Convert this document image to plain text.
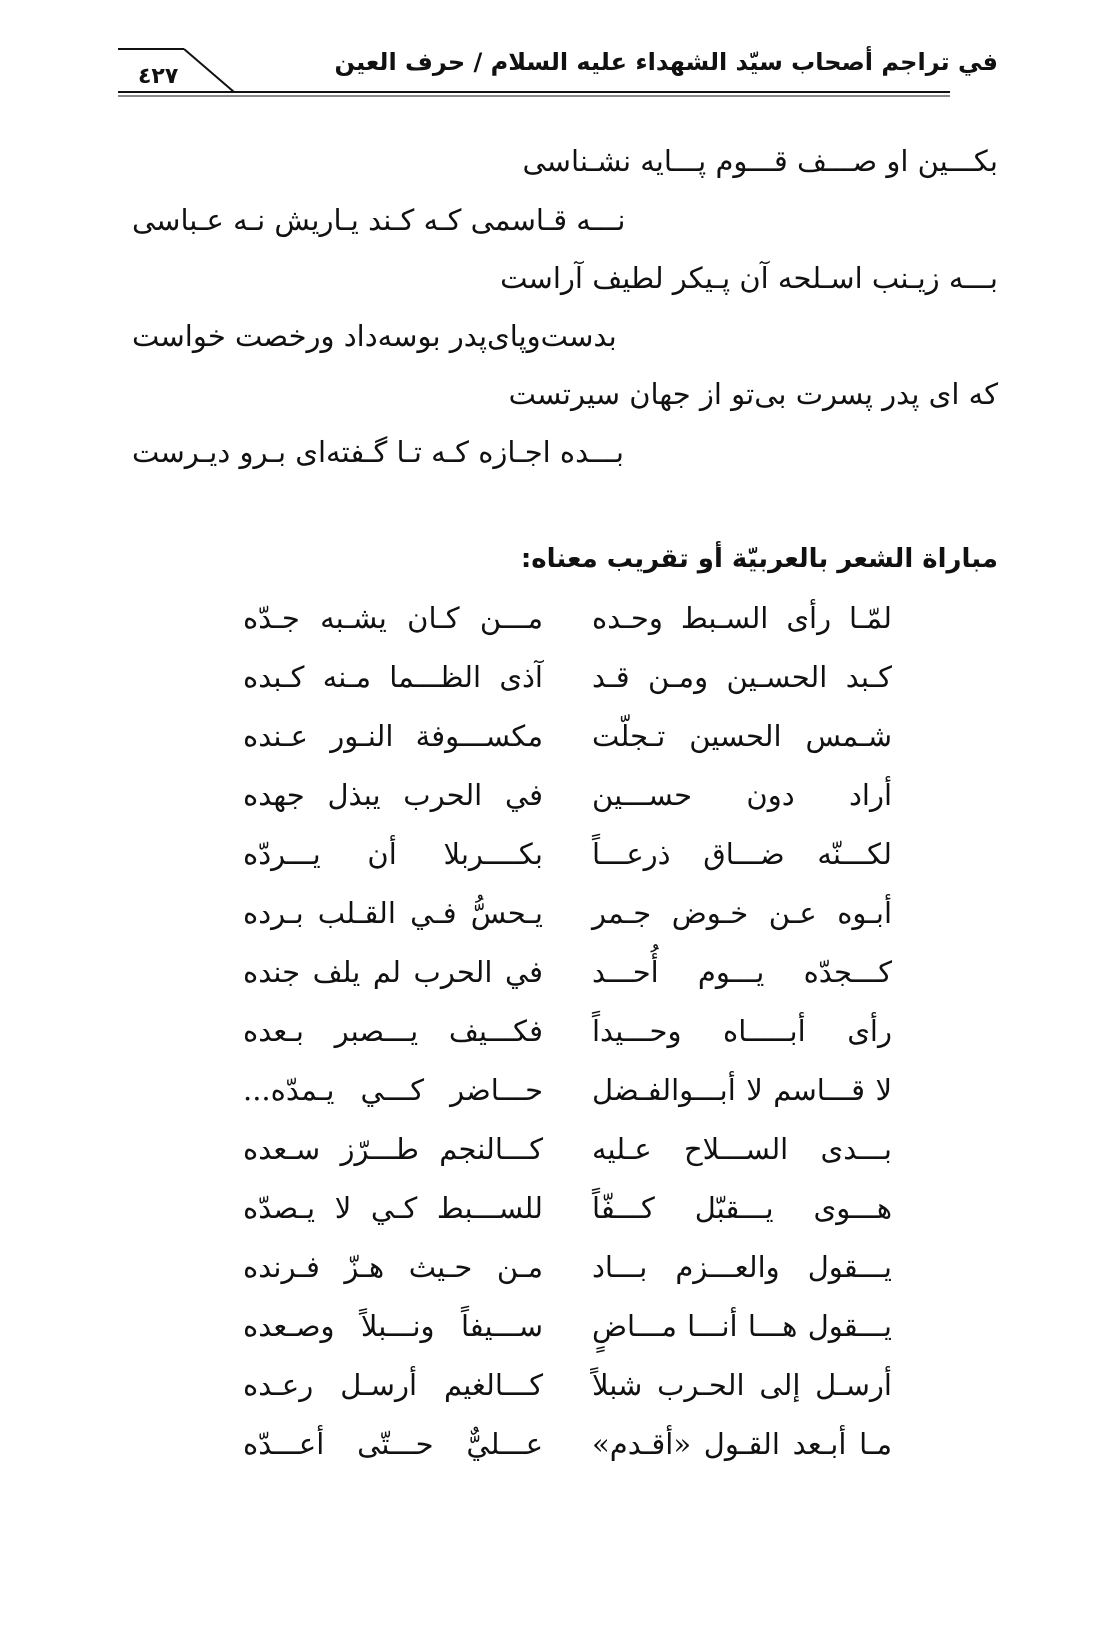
في تراجم أصحاب سيّد الشهداء عليه السلام / حرف العين
٤٢٧
بکـــین او صـــف قـــوم پـــایه نشـناسی
نـــه قـاسمی کـه کـند یـاریش نـه عـباسی
بـــه زیـنب اسـلحه آن پـیکر لطیف آراست
بدست‌وپای‌پدر بوسه‌داد ورخصت خواست
که ای پدر پسرت بی‌تو از جهان سیرتست
بـــده اجـازه کـه تـا گـفته‌ای بـرو دیـرست
مباراة الشعر بالعربيّة أو تقريب معناه:
لمّـا رأى السـبط وحـده
مـــن كـان يشـبه جـدّه
كـبد الحسـين ومـن قـد
آذى الظـــما مـنه كـبده
شـمس الحسين تـجلّت
مكســـوفة النـور عـنده
أراد دون حســـين
في الحرب يبذل جهده
لكـــنّه ضـــاق ذرعـــاً
بكــــربلا أن يـــردّه
أبـوه عـن خـوض جـمر
يـحسُّ فـي القـلب بـرده
كـــجدّه يـــوم أُحـــد
في الحرب لم يلف جنده
رأى أبـــــاه وحـــيداً
فكـــيف يـــصبر بـعده
لا قـــاسم لا أبـــوالفـضل
حـــاضر كـــي يـمدّه...
بـــدى الســـلاح عـليه
كـــالنجم طـــرّز سـعده
هـــوى يـــقبّل كـــفّاً
للســـبط كـي لا يـصدّه
يـــقول والعـــزم بـــاد
مـن حـيث هـزّ فـرنده
يـــقول هـــا أنـــا مـــاضٍ
ســـيفاً ونـــبلاً وصـعده
أرسـل إلى الحـرب شبلاً
كـــالغيم أرسـل رعـده
مـا أبـعد القـول «أقـدم»
عـــليٌّ حـــتّى أعـــدّه
